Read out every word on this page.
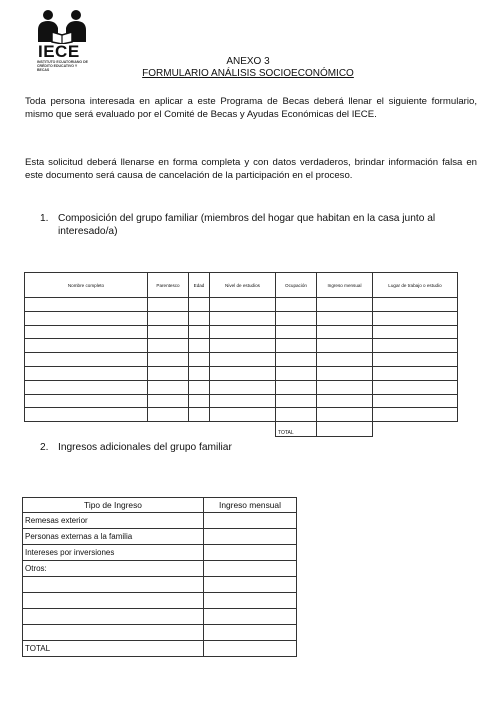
IECE
INSTITUTO ECUATORIANO DE CRÉDITO EDUCATIVO Y BECAS
ANEXO 3
FORMULARIO ANÁLISIS SOCIOECONÓMICO
Toda persona interesada en aplicar a este Programa de Becas deberá llenar el siguiente formulario, mismo que será evaluado por el Comité de Becas y Ayudas Económicas del IECE.
Esta solicitud deberá llenarse en forma completa y con datos verdaderos, brindar información falsa en este documento será causa de cancelación de la participación en el proceso.
1. Composición del grupo familiar (miembros del hogar que habitan en la casa junto al interesado/a)
Nombre completo	Parentesco	Edad	Nivel de estudios	Ocupación	Ingreso mensual	Lugar de trabajo o estudio

				TOTAL		
2. Ingresos adicionales del grupo familiar
Tipo de Ingreso	Ingreso mensual
Remesas exterior	
Personas externas a la familia	
Intereses por inversiones	
Otros:	

TOTAL	
